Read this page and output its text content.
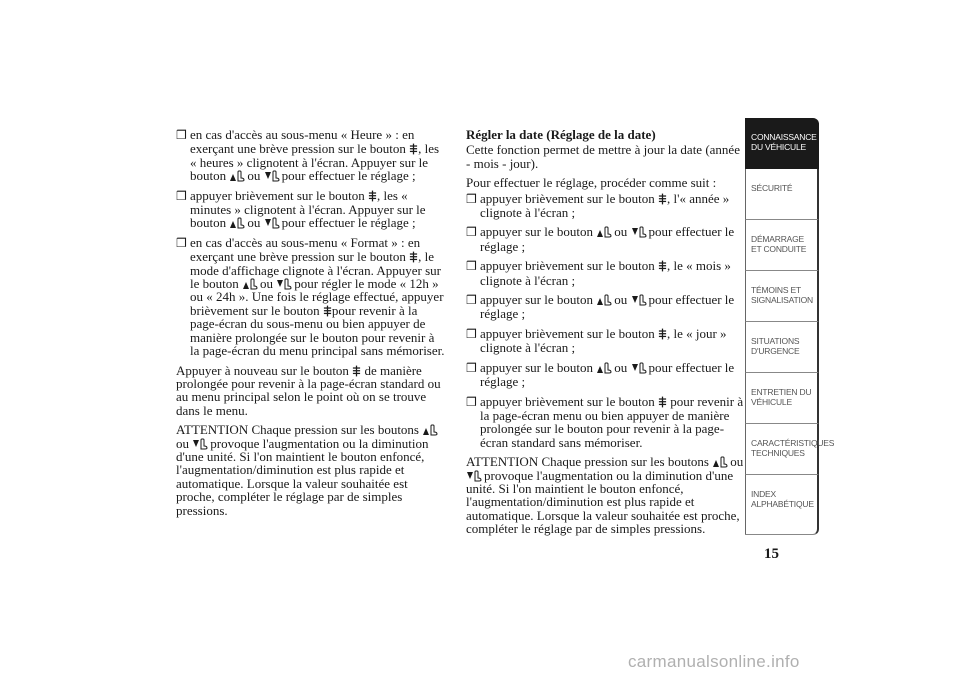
❒ en cas d'accès au sous-menu « Heure » : en exerçant une brève pression sur le bouton
, les « heures » clignotent à l'écran. Appuyer sur le bouton
ou pour effectuer le réglage ;

❒ appuyer brièvement sur le bouton
, les « minutes » clignotent à l'écran. Appuyer sur le bouton
ou pour effectuer le réglage ;

❒ en cas d'accès au sous-menu « Format » : en exerçant une brève pression sur le bouton
, le mode d'affichage clignote à l'écran. Appuyer sur le bouton
ou pour régler le mode « 12h » ou « 24h ». Une fois le réglage effectué, appuyer brièvement sur le bouton
pour revenir à la page-écran du sous-menu ou bien appuyer de manière prolongée sur le bouton pour revenir à la page-écran du menu principal sans mémoriser.

Appuyer à nouveau sur le bouton
de manière prolongée pour revenir à la page-écran standard ou au menu principal selon le point où on se trouve dans le menu.

ATTENTION Chaque pression sur les boutons
ou provoque l'augmentation ou la diminution d'une unité. Si l'on maintient le bouton enfoncé, l'augmentation/diminution est plus rapide et automatique. Lorsque la valeur souhaitée est proche, compléter le réglage par de simples pressions.

Régler la date (Réglage de la date)

Cette fonction permet de mettre à jour la date (année - mois - jour).

Pour effectuer le réglage, procéder comme suit :

❒ appuyer brièvement sur le bouton
, l'« année » clignote à l'écran ;

❒ appuyer sur le bouton
ou pour effectuer le réglage ;

❒ appuyer brièvement sur le bouton
, le « mois » clignote à l'écran ;

❒ appuyer sur le bouton
ou pour effectuer le réglage ;

❒ appuyer brièvement sur le bouton
, le « jour » clignote à l'écran ;

❒ appuyer sur le bouton
ou pour effectuer le réglage ;

❒ appuyer brièvement sur le bouton
pour revenir à la page-écran menu ou bien appuyer de manière prolongée sur le bouton pour revenir à la page-écran standard sans mémoriser.

ATTENTION Chaque pression sur les boutons
ou
provoque l'augmentation ou la diminution d'une unité. Si l'on maintient le bouton enfoncé, l'augmentation/diminution est plus rapide et automatique. Lorsque la valeur souhaitée est proche, compléter le réglage par de simples pressions.

CONNAISSANCE DU VÉHICULE
SÉCURITÉ
DÉMARRAGE ET CONDUITE
TÉMOINS ET SIGNALISATION
SITUATIONS D'URGENCE
ENTRETIEN DU VÉHICULE
CARACTÉRISTIQUES TECHNIQUES
INDEX ALPHABÉTIQUE
15
carmanualsonline.info
